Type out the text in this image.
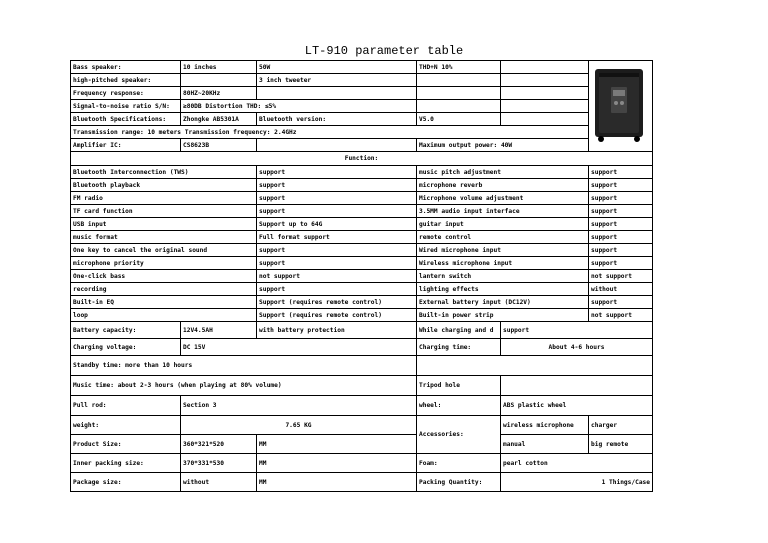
LT-910 parameter table
Bass speaker:	10 inches	50W	THD+N 10%		
high-pitched speaker:		3 inch tweeter			
Frequency response:	80HZ~20KHz				
Signal-to-noise ratio S/N:	≥80DB Distortion THD: ≤5%				
Bluetooth Specifications:	Zhongke AB5301A	Bluetooth version:	V5.0		
Transmission range: 10 meters Transmission frequency: 2.4GHz					
Amplifier IC:	CS8623B		Maximum output power: 40W		
Function:					
Bluetooth Interconnection (TWS)		support	music pitch adjustment		support
Bluetooth playback		support	microphone reverb		support
FM radio		support	Microphone volume adjustment		support
TF card function		support	3.5MM audio input interface		support
USB input		Support up to 64G	guitar input		support
music format		Full format support	remote control		support
One key to cancel the original sound		support	Wired microphone input		support
microphone priority		support	Wireless microphone input		support
One-click bass		not support	lantern switch		not support
recording		support	lighting effects		without
Built-in EQ		Support (requires remote control)	External battery input (DC12V)		support
loop		Support (requires remote control)	Built-in power strip		not support
Battery capacity:	12V4.5AH	with battery protection	While charging and d	support	
Charging voltage:	DC 15V		Charging time:	About 4-6 hours	
Standby time: more than 10 hours					
Music time: about 2-3 hours (when playing at 80% volume)			Tripod hole		
Pull rod:	Section 3		wheel:	ABS plastic wheel	
weight:	7.65 KG		Accessories:	wireless microphone	charger
Product Size:	360*321*520	MM		manual	big remote
Inner packing size:	370*331*530	MM	Foam:	pearl cotton	
Package size:	without	MM	Packing Quantity:	1 Things/Case	
